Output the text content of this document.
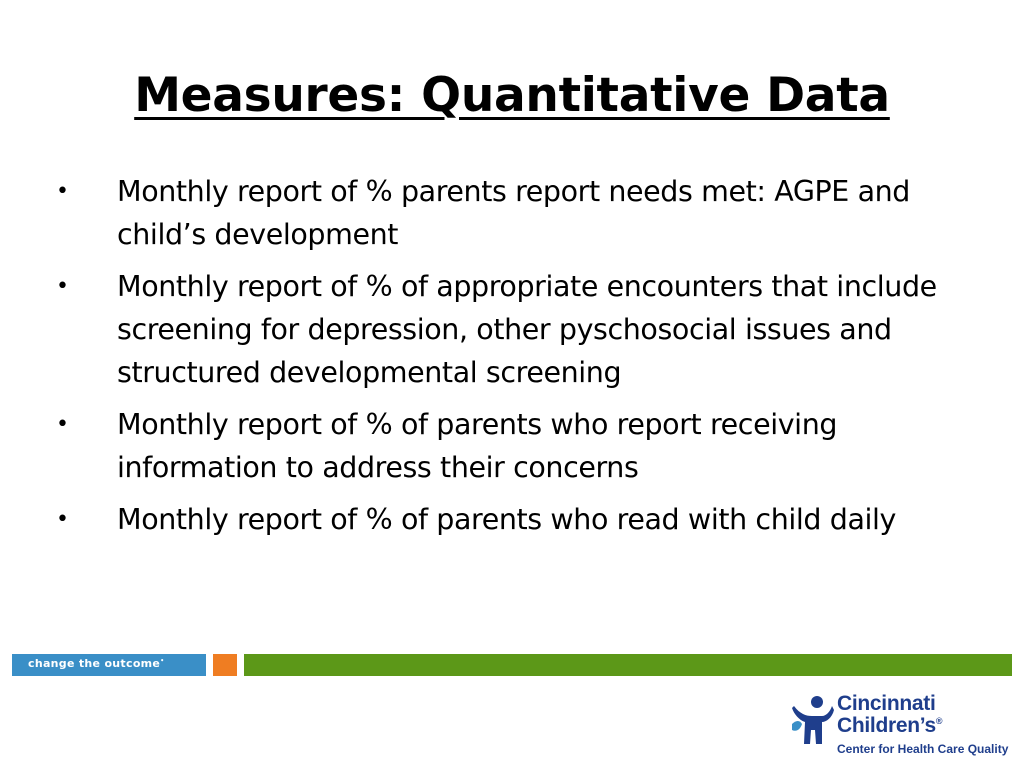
Measures: Quantitative Data
• Monthly report of % parents report needs met: AGPE and child’s development
• Monthly report of % of appropriate encounters that include screening for depression, other pyschosocial issues and structured developmental screening
• Monthly report of % of parents who report receiving information to address their concerns
• Monthly report of % of parents who read with child daily
change the outcome•
Cincinnati
Children’s®
Center for Health Care Quality
